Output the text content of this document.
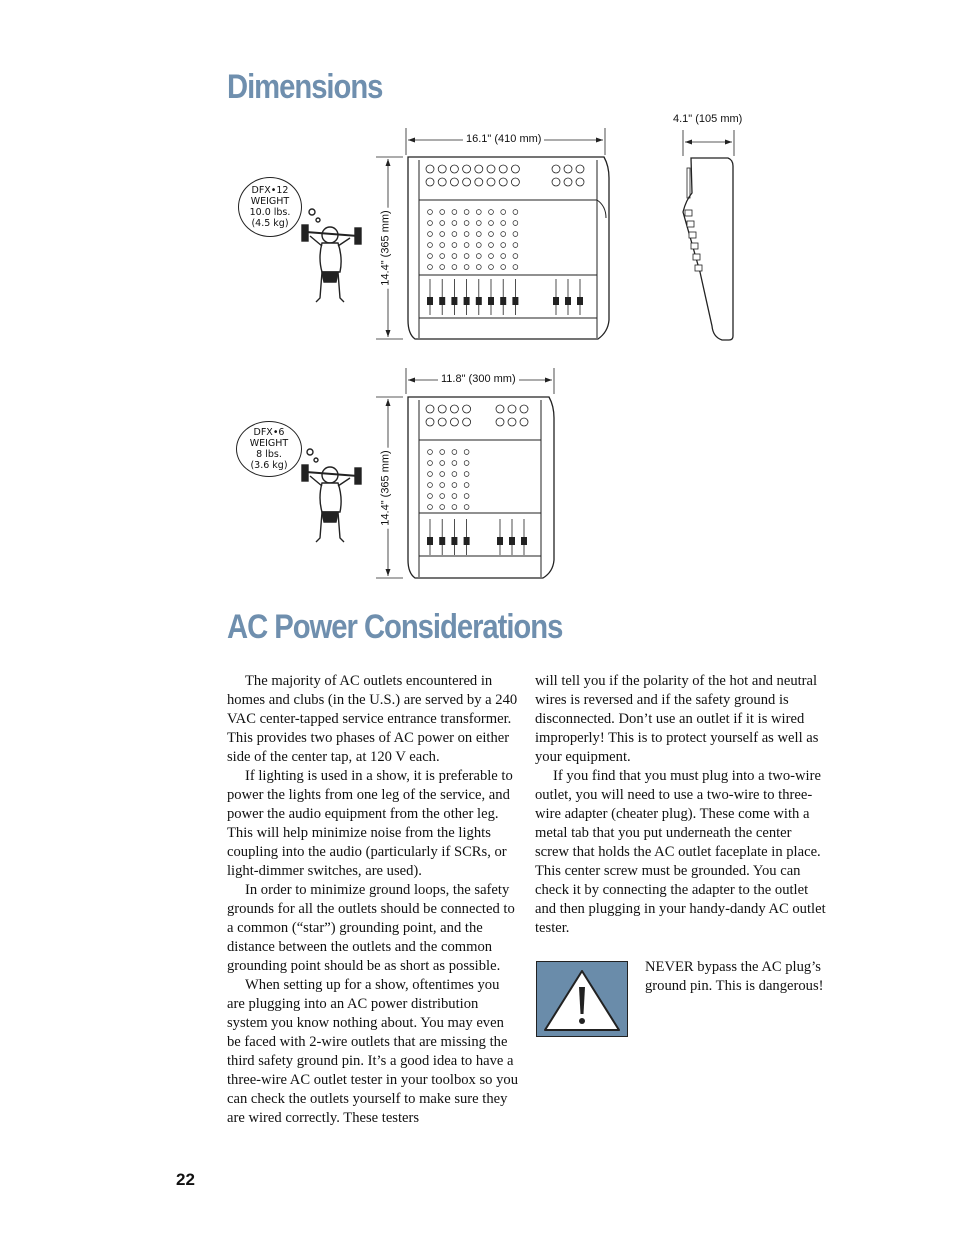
Dimensions
16.1" (410 mm)
14.4" (365 mm)
4.1" (105 mm)
DFX•12
WEIGHT
10.0 lbs.
(4.5 kg)
11.8" (300 mm)
14.4" (365 mm)
DFX•6
WEIGHT
8 lbs.
(3.6 kg)
AC Power Considerations

The majority of AC outlets encountered in homes and clubs (in the U.S.) are served by a 240 VAC center-tapped service entrance transformer. This provides two phases of AC power on either side of the center tap, at 120 V each.

If lighting is used in a show, it is preferable to power the lights from one leg of the service, and power the audio equipment from the other leg. This will help minimize noise from the lights coupling into the audio (particularly if SCRs, or light-dimmer switches, are used).

In order to minimize ground loops, the safety grounds for all the outlets should be connected to a common (“star”) grounding point, and the distance between the outlets and the common grounding point should be as short as possible.

When setting up for a show, oftentimes you are plugging into an AC power distribution system you know nothing about. You may even be faced with 2-wire outlets that are missing the third safety ground pin. It’s a good idea to have a three-wire AC outlet tester in your toolbox so you can check the outlets yourself to make sure they are wired correctly. These testers

will tell you if the polarity of the hot and neutral wires is reversed and if the safety ground is disconnected. Don’t use an outlet if it is wired improperly! This is to protect yourself as well as your equipment.

If you find that you must plug into a two-wire outlet, you will need to use a two-wire to three-wire adapter (cheater plug). These come with a metal tab that you put underneath the center screw that holds the AC outlet faceplate in place. This center screw must be grounded. You can check it by connecting the adapter to the outlet and then plugging in your handy-dandy AC outlet tester.

NEVER bypass the AC plug’s ground pin. This is dangerous!
22
